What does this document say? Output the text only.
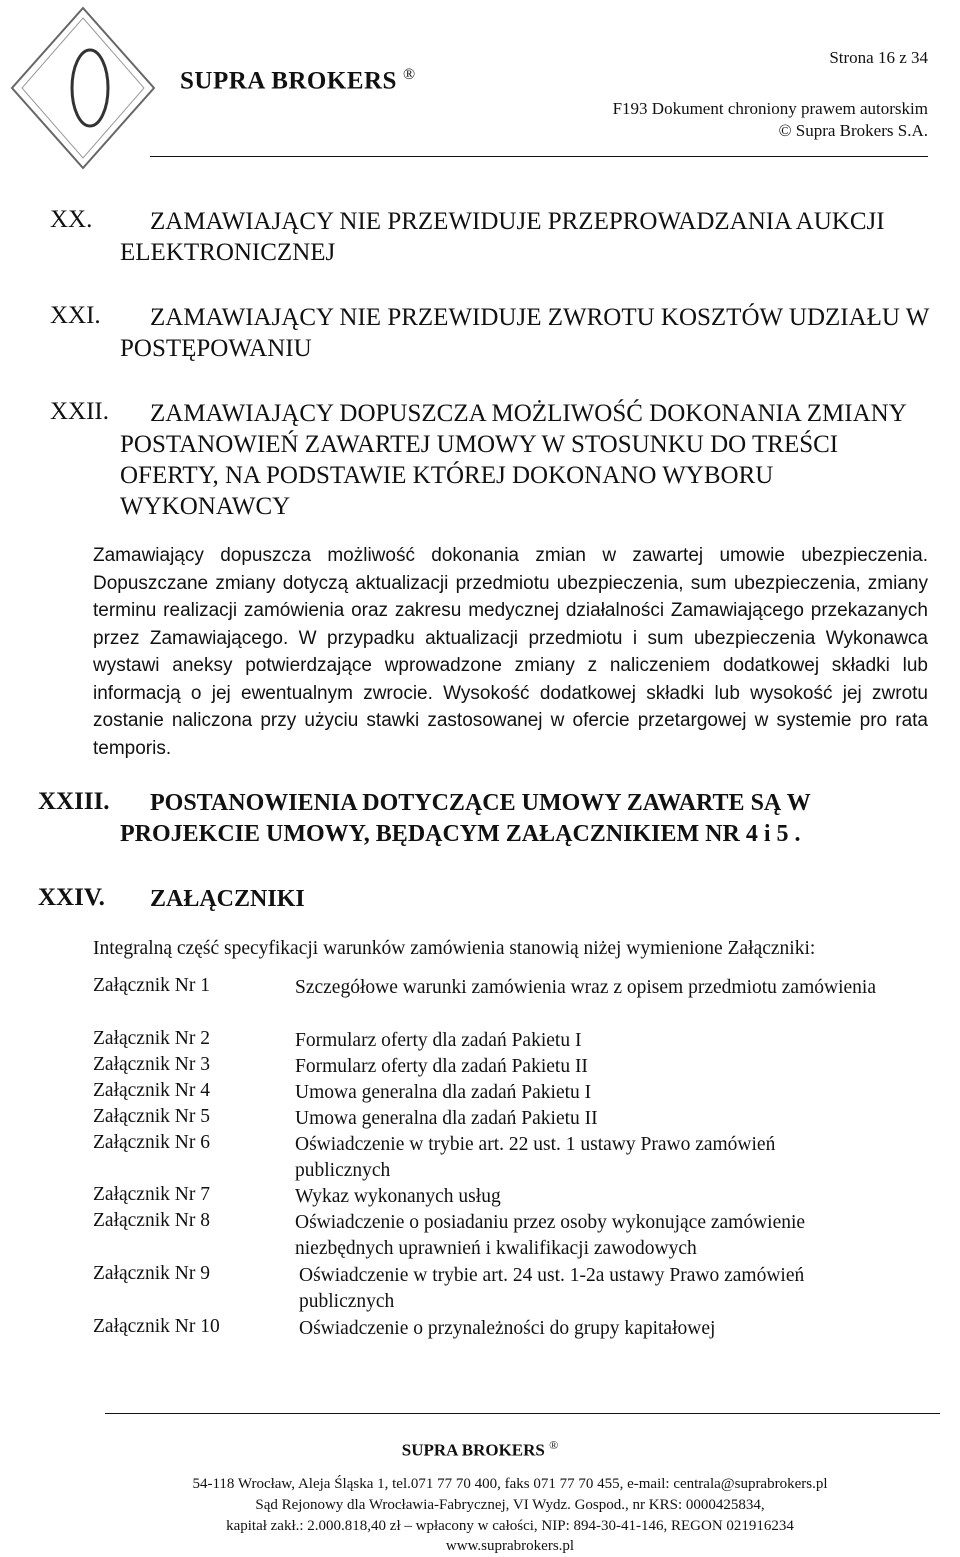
Strona 16 z 34
SUPRA BROKERS ®
F193 Dokument chroniony prawem autorskim
© Supra Brokers S.A.
XX.	ZAMAWIAJĄCY NIE PRZEWIDUJE PRZEPROWADZANIA AUKCJI ELEKTRONICZNEJ
XXI.	ZAMAWIAJĄCY NIE PRZEWIDUJE ZWROTU KOSZTÓW UDZIAŁU W POSTĘPOWANIU
XXII.	ZAMAWIAJĄCY DOPUSZCZA MOŻLIWOŚĆ DOKONANIA ZMIANY POSTANOWIEŃ ZAWARTEJ UMOWY W STOSUNKU DO TREŚCI OFERTY, NA PODSTAWIE KTÓREJ DOKONANO WYBORU WYKONAWCY
Zamawiający dopuszcza możliwość dokonania zmian w zawartej umowie ubezpieczenia. Dopuszczane zmiany dotyczą aktualizacji przedmiotu ubezpieczenia, sum ubezpieczenia, zmiany terminu realizacji zamówienia oraz zakresu medycznej działalności Zamawiającego przekazanych przez Zamawiającego. W przypadku aktualizacji przedmiotu i sum ubezpieczenia Wykonawca wystawi aneksy potwierdzające wprowadzone zmiany z naliczeniem dodatkowej składki lub informacją o jej ewentualnym zwrocie. Wysokość dodatkowej składki lub wysokość jej zwrotu zostanie naliczona przy użyciu stawki zastosowanej w ofercie przetargowej w systemie pro rata temporis.
XXIII.	POSTANOWIENIA DOTYCZĄCE UMOWY ZAWARTE SĄ W PROJEKCIE UMOWY, BĘDĄCYM ZAŁĄCZNIKIEM NR 4 i 5 .
XXIV.	ZAŁĄCZNIKI
Integralną część specyfikacji warunków zamówienia stanowią niżej wymienione Załączniki:
Załącznik Nr 1	Szczegółowe warunki zamówienia wraz z opisem przedmiotu zamówienia
Załącznik Nr 2	Formularz oferty dla zadań Pakietu I
Załącznik Nr 3	Formularz oferty dla zadań Pakietu II
Załącznik Nr 4	Umowa generalna dla zadań Pakietu I
Załącznik Nr 5	Umowa generalna dla zadań Pakietu II
Załącznik Nr 6	Oświadczenie w trybie art. 22 ust. 1 ustawy Prawo zamówień publicznych
Załącznik Nr 7	Wykaz wykonanych usług
Załącznik Nr 8	Oświadczenie o posiadaniu przez osoby wykonujące zamówienie niezbędnych uprawnień i kwalifikacji zawodowych
Załącznik Nr 9	Oświadczenie w trybie art. 24 ust. 1-2a ustawy Prawo zamówień publicznych
Załącznik Nr 10	Oświadczenie o przynależności do grupy kapitałowej
SUPRA BROKERS ®
54-118 Wrocław, Aleja Śląska 1, tel.071 77 70 400, faks 071 77 70 455, e-mail: centrala@suprabrokers.pl
Sąd Rejonowy dla Wrocławia-Fabrycznej, VI Wydz. Gospod., nr KRS: 0000425834,
kapitał zakł.: 2.000.818,40 zł – wpłacony w całości, NIP: 894-30-41-146, REGON 021916234
www.suprabrokers.pl
